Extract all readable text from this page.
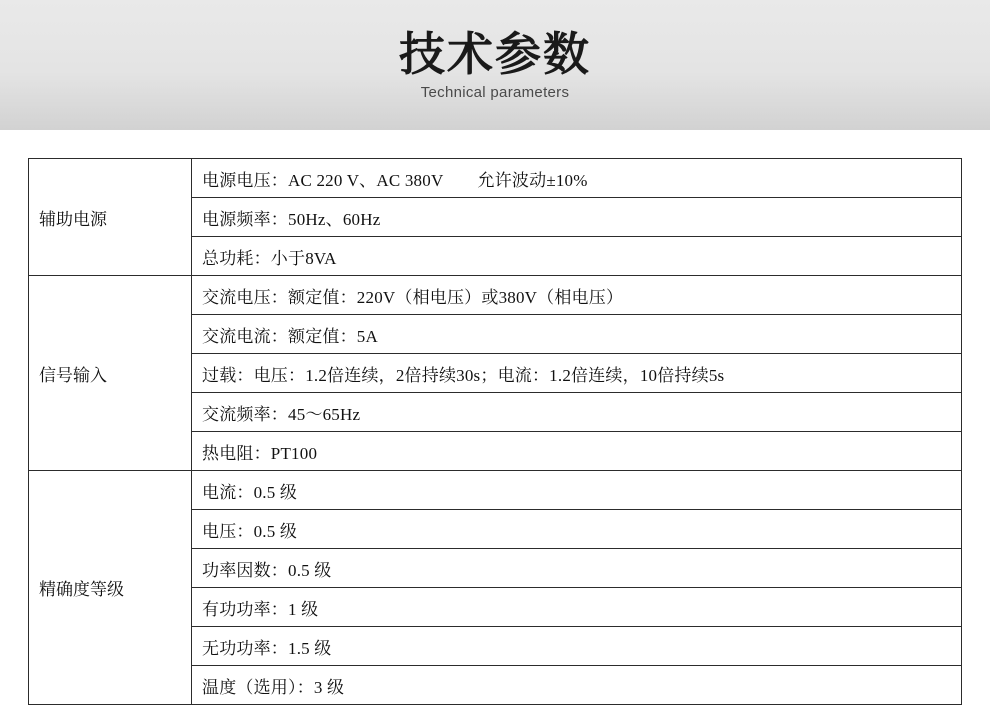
技术参数
Technical parameters
辅助电源	电源电压：AC 220 V、AC 380V　　允许波动±10%
	电源频率：50Hz、60Hz
	总功耗：小于8VA
信号输入	交流电压：额定值：220V（相电压）或380V（相电压）
	交流电流：额定值：5A
	过载：电压：1.2倍连续，2倍持续30s；电流：1.2倍连续，10倍持续5s
	交流频率：45～65Hz
	热电阻：PT100
精确度等级	电流：0.5 级
	电压：0.5 级
	功率因数：0.5 级
	有功功率：1 级
	无功功率：1.5 级
	温度（选用）：3 级
